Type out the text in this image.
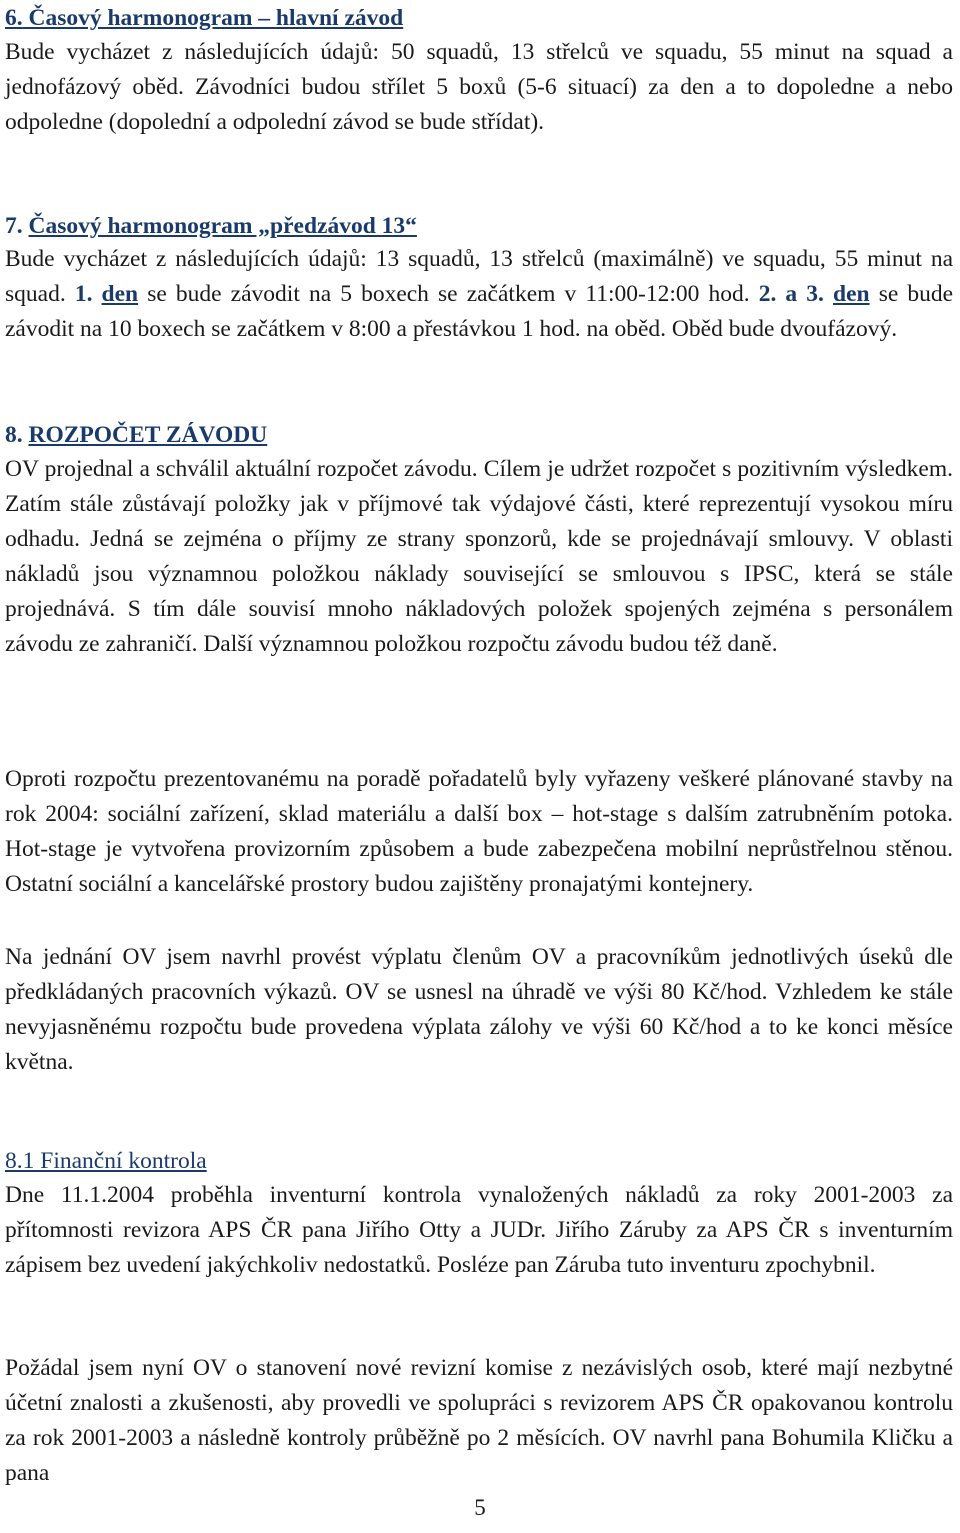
6. Časový harmonogram – hlavní závod

Bude vycházet z následujících údajů: 50 squadů, 13 střelců ve squadu, 55 minut na squad a jednofázový oběd. Závodníci budou střílet 5 boxů (5-6 situací) za den a to dopoledne a nebo odpoledne (dopolední a odpolední závod se bude střídat).

7. Časový harmonogram „předzávod 13“

Bude vycházet z následujících údajů: 13 squadů, 13 střelců (maximálně) ve squadu, 55 minut na squad. 1. den se bude závodit na 5 boxech se začátkem v 11:00-12:00 hod. 2. a 3. den se bude závodit na 10 boxech se začátkem v 8:00 a přestávkou 1 hod. na oběd. Oběd bude dvoufázový.

8. ROZPOČET ZÁVODU

OV projednal a schválil aktuální rozpočet závodu. Cílem je udržet rozpočet s pozitivním výsledkem. Zatím stále zůstávají položky jak v příjmové tak výdajové části, které reprezentují vysokou míru odhadu. Jedná se zejména o příjmy ze strany sponzorů, kde se projednávají smlouvy. V oblasti nákladů jsou významnou položkou náklady související se smlouvou s IPSC, která se stále projednává. S tím dále souvisí mnoho nákladových položek spojených zejména s personálem závodu ze zahraničí. Další významnou položkou rozpočtu závodu budou též daně.

Oproti rozpočtu prezentovanému na poradě pořadatelů byly vyřazeny veškeré plánované stavby na rok 2004: sociální zařízení, sklad materiálu a další box – hot-stage s dalším zatrubněním potoka. Hot-stage je vytvořena provizorním způsobem a bude zabezpečena mobilní neprůstřelnou stěnou. Ostatní sociální a kancelářské prostory budou zajištěny pronajatými kontejnery.

Na jednání OV jsem navrhl provést výplatu členům OV a pracovníkům jednotlivých úseků dle předkládaných pracovních výkazů. OV se usnesl na úhradě ve výši 80 Kč/hod. Vzhledem ke stále nevyjasněnému rozpočtu bude provedena výplata zálohy ve výši 60 Kč/hod a to ke konci měsíce května.

8.1 Finanční kontrola

Dne 11.1.2004 proběhla inventurní kontrola vynaložených nákladů za roky 2001-2003 za přítomnosti revizora APS ČR pana Jiřího Otty a JUDr. Jiřího Záruby za APS ČR s inventurním zápisem bez uvedení jakýchkoliv nedostatků. Posléze pan Záruba tuto inventuru zpochybnil.

Požádal jsem nyní OV o stanovení nové revizní komise z nezávislých osob, které mají nezbytné účetní znalosti a zkušenosti, aby provedli ve spolupráci s revizorem APS ČR opakovanou kontrolu za rok 2001-2003 a následně kontroly průběžně po 2 měsících. OV navrhl pana Bohumila Kličku a pana

5
